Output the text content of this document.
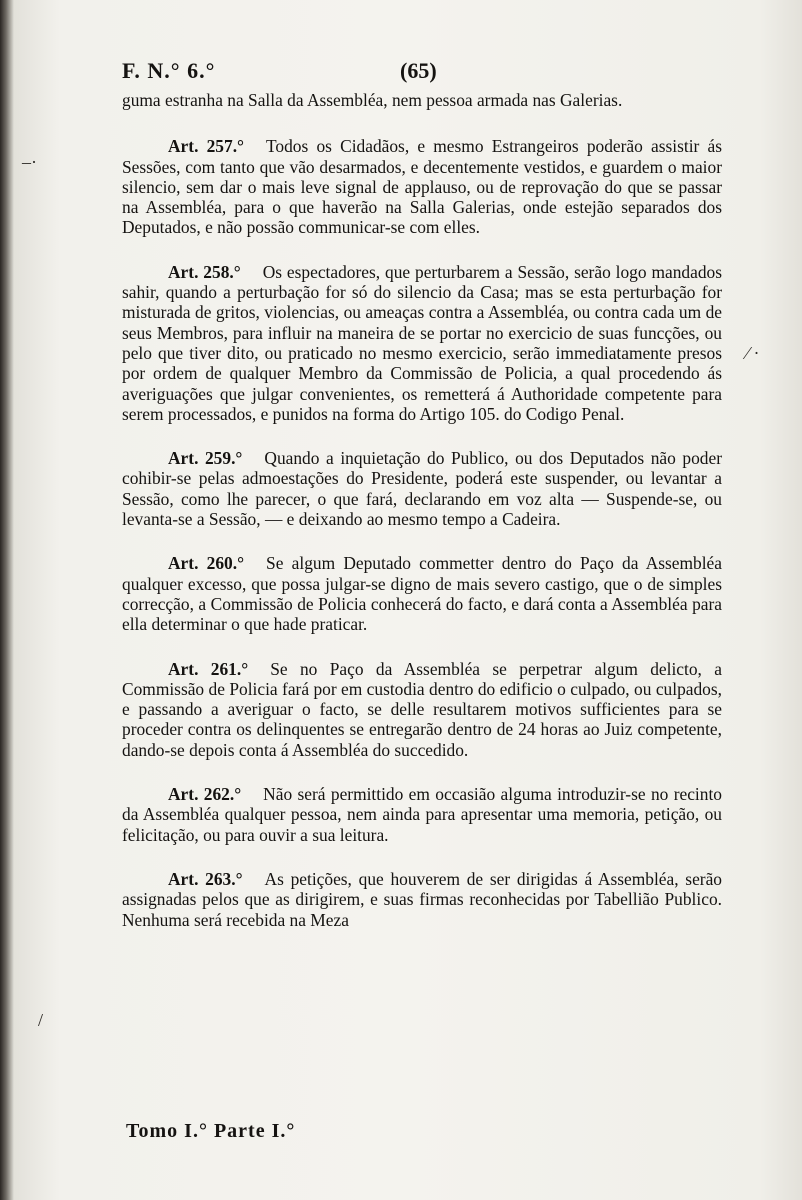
F. N.° 6.°	(65)

guma estranha na Salla da Assembléa, nem pessoa armada nas Galerias.

Art. 257.° Todos os Cidadãos, e mesmo Estrangeiros poderão assistir ás Sessões, com tanto que vão desarmados, e decentemente vestidos, e guardem o maior silencio, sem dar o mais leve signal de applauso, ou de reprovação do que se passar na Assembléa, para o que haverão na Salla Galerias, onde estejão separados dos Deputados, e não possão communicar-se com elles.

Art. 258.° Os espectadores, que perturbarem a Sessão, serão logo mandados sahir, quando a perturbação for só do silencio da Casa; mas se esta perturbação for misturada de gritos, violencias, ou ameaças contra a Assembléa, ou contra cada um de seus Membros, para influir na maneira de se portar no exercicio de suas funcções, ou pelo que tiver dito, ou praticado no mesmo exercicio, serão immediatamente presos por ordem de qualquer Membro da Commissão de Policia, a qual procedendo ás averiguações que julgar convenientes, os remetterá á Authoridade competente para serem processados, e punidos na forma do Artigo 105. do Codigo Penal.

Art. 259.° Quando a inquietação do Publico, ou dos Deputados não poder cohibir-se pelas admoestações do Presidente, poderá este suspender, ou levantar a Sessão, como lhe parecer, o que fará, declarando em voz alta — Suspende-se, ou levanta-se a Sessão, — e deixando ao mesmo tempo a Cadeira.

Art. 260.° Se algum Deputado commetter dentro do Paço da Assembléa qualquer excesso, que possa julgar-se digno de mais severo castigo, que o de simples correcção, a Commissão de Policia conhecerá do facto, e dará conta a Assembléa para ella determinar o que hade praticar.

Art. 261.° Se no Paço da Assembléa se perpetrar algum delicto, a Commissão de Policia fará por em custodia dentro do edificio o culpado, ou culpados, e passando a averiguar o facto, se delle resultarem motivos sufficientes para se proceder contra os delinquentes se entregarão dentro de 24 horas ao Juiz competente, dando-se depois conta á Assembléa do succedido.

Art. 262.° Não será permittido em occasião alguma introduzir-se no recinto da Assembléa qualquer pessoa, nem ainda para apresentar uma memoria, petição, ou felicitação, ou para ouvir a sua leitura.

Art. 263.° As petições, que houverem de ser dirigidas á Assembléa, serão assignadas pelos que as dirigirem, e suas firmas reconhecidas por Tabellião Publico. Nenhuma será recebida na Meza

Tomo I.° Parte I.°
–·
⁄ ·
/
